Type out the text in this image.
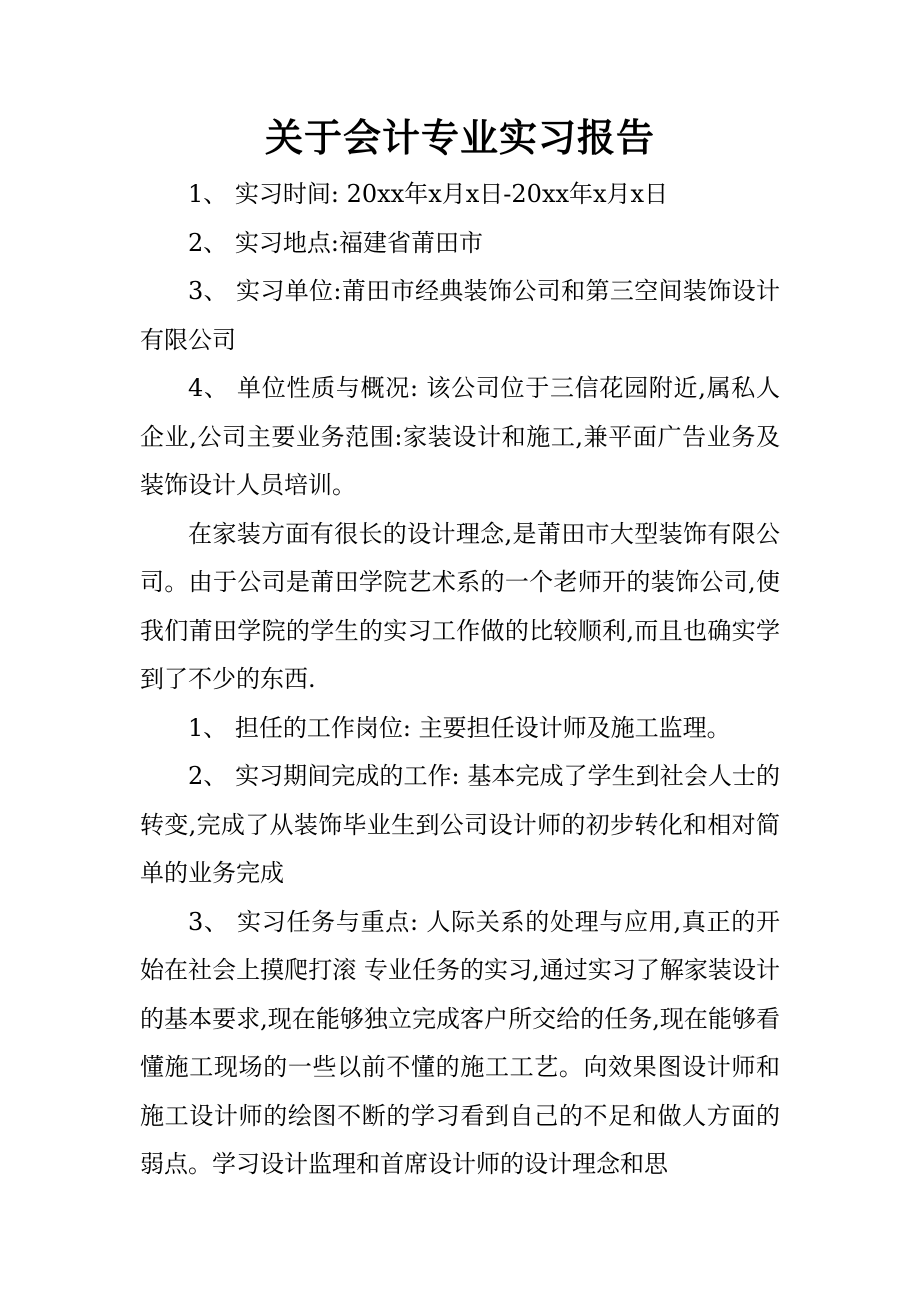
关于会计专业实习报告

1、 实习时间: 20xx年x月x日-20xx年x月x日

2、 实习地点:福建省莆田市

3、 实习单位:莆田市经典装饰公司和第三空间装饰设计有限公司

4、 单位性质与概况: 该公司位于三信花园附近,属私人企业,公司主要业务范围:家装设计和施工,兼平面广告业务及装饰设计人员培训。

在家装方面有很长的设计理念,是莆田市大型装饰有限公司。由于公司是莆田学院艺术系的一个老师开的装饰公司,使我们莆田学院的学生的实习工作做的比较顺利,而且也确实学到了不少的东西.

1、 担任的工作岗位: 主要担任设计师及施工监理。

2、 实习期间完成的工作: 基本完成了学生到社会人士的转变,完成了从装饰毕业生到公司设计师的初步转化和相对简单的业务完成

3、 实习任务与重点: 人际关系的处理与应用,真正的开始在社会上摸爬打滚 专业任务的实习,通过实习了解家装设计的基本要求,现在能够独立完成客户所交给的任务,现在能够看懂施工现场的一些以前不懂的施工工艺。向效果图设计师和施工设计师的绘图不断的学习看到自己的不足和做人方面的弱点。学习设计监理和首席设计师的设计理念和思
